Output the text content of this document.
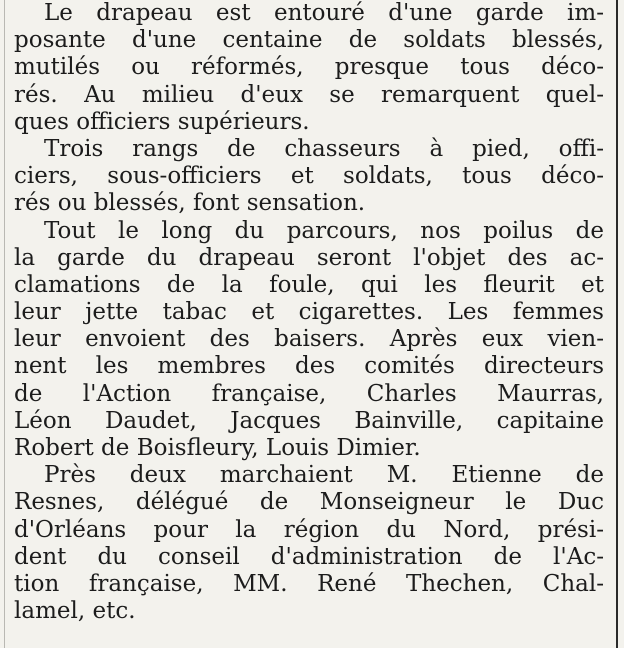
Le drapeau est entouré d'une garde im-
posante d'une centaine de soldats blessés,
mutilés ou réformés, presque tous déco-
rés. Au milieu d'eux se remarquent quel-
ques officiers supérieurs.
Trois rangs de chasseurs à pied, offi-
ciers, sous-officiers et soldats, tous déco-
rés ou blessés, font sensation.
Tout le long du parcours, nos poilus de
la garde du drapeau seront l'objet des ac-
clamations de la foule, qui les fleurit et
leur jette tabac et cigarettes. Les femmes
leur envoient des baisers. Après eux vien-
nent les membres des comités directeurs
de l'Action française, Charles Maurras,
Léon Daudet, Jacques Bainville, capitaine
Robert de Boisfleury, Louis Dimier.
Près deux marchaient M. Etienne de
Resnes, délégué de Monseigneur le Duc
d'Orléans pour la région du Nord, prési-
dent du conseil d'administration de l'Ac-
tion française, MM. René Thechen, Chal-
lamel, etc.
